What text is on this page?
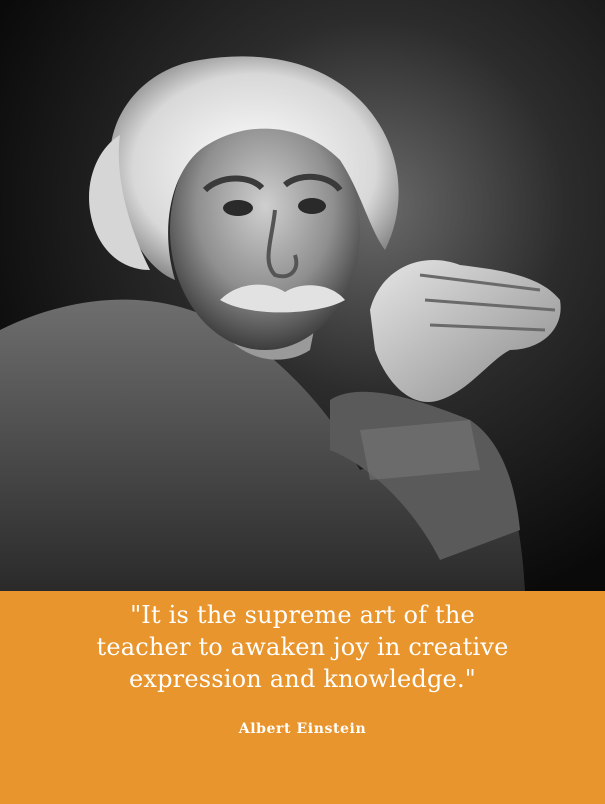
"It is the supreme art of the
teacher to awaken joy in creative
expression and knowledge."

Albert Einstein
